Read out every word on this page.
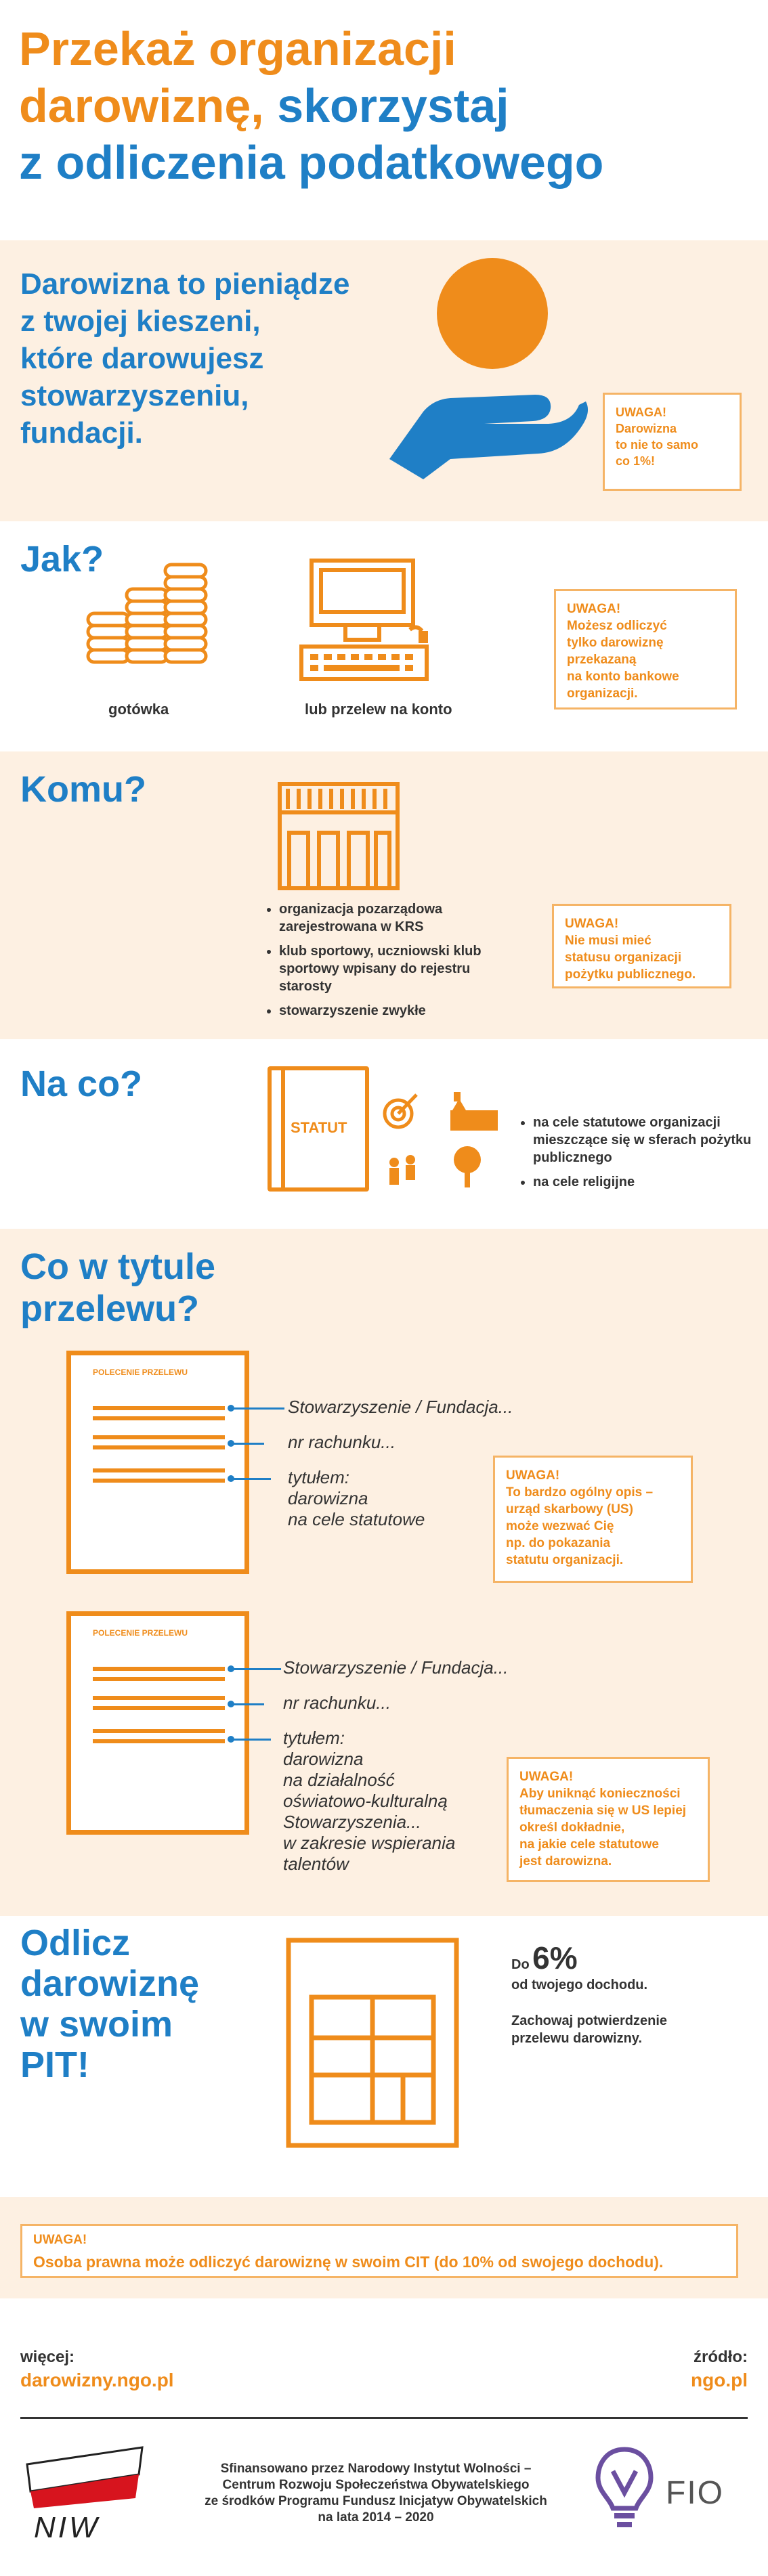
Przekaż organizacji
darowiznę, skorzystaj
z odliczenia podatkowego
Darowizna to pieniądze
z twojej kieszeni,
które darowujesz
stowarzyszeniu,
fundacji.
UWAGA!
Darowizna
to nie to samo
co 1%!
Jak?
gotówka	lub przelew na konto
UWAGA!
Możesz odliczyć
tylko darowiznę
przekazaną
na konto bankowe
organizacji.
Komu?
• organizacja pozarządowa zarejestrowana w KRS
• klub sportowy, uczniowski klub sportowy wpisany do rejestru starosty
• stowarzyszenie zwykłe
UWAGA!
Nie musi mieć
statusu organizacji
pożytku publicznego.
Na co?
STATUT
•	na cele statutowe organizacji mieszczące się w sferach pożytku publicznego
• na cele religijne
Co w tytule
przelewu?
POLECENIE PRZELEWU
Stowarzyszenie / Fundacja...
nr rachunku...
tytułem:
darowizna
na cele statutowe
UWAGA!
To bardzo ogólny opis –
urząd skarbowy (US)
może wezwać Cię
np. do pokazania
statutu organizacji.
POLECENIE PRZELEWU
Stowarzyszenie / Fundacja...
nr rachunku...
tytułem:
darowizna
na działalność
oświatowo-kulturalną
Stowarzyszenia...
w zakresie wspierania
talentów
UWAGA!
Aby uniknąć konieczności
tłumaczenia się w US lepiej
określ dokładnie,
na jakie cele statutowe
jest darowizna.
Odlicz
darowiznę
w swoim
PIT!
Do 6%
od twojego dochodu.
Zachowaj potwierdzenie
przelewu darowizny.
UWAGA!
Osoba prawna może odliczyć darowiznę w swoim CIT (do 10% od swojego dochodu).
więcej:
darowizny.ngo.pl
źródło:
ngo.pl
NIW
Sfinansowano przez Narodowy Instytut Wolności –
Centrum Rozwoju Społeczeństwa Obywatelskiego
ze środków Programu Fundusz Inicjatyw Obywatelskich
na lata 2014 – 2020
FIO
